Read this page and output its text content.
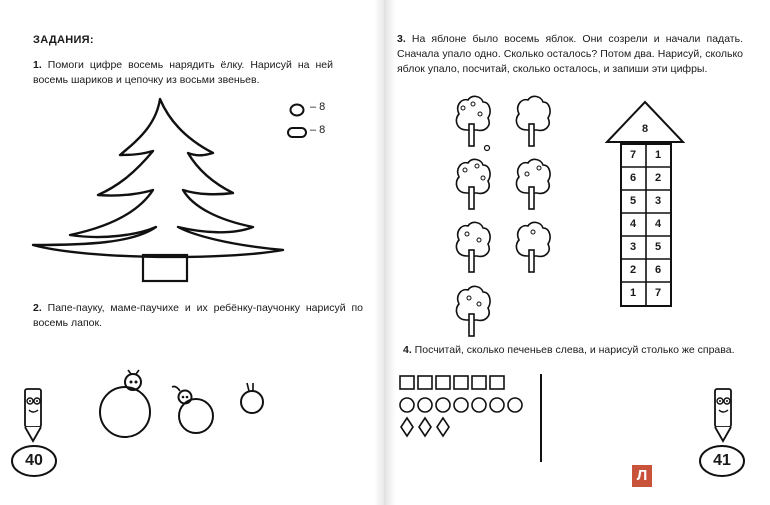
ЗАДАНИЯ:
1. Помоги цифре восемь нарядить ёлку. Нарисуй на ней восемь шариков и цепочку из восьми звеньев.
– 8
– 8
2. Папе-пауку, маме-паучихе и их ребёнку-паучонку нарисуй по восемь лапок.
40
3. На яблоне было восемь яблок. Они созрели и начали падать. Сначала упало одно. Сколько осталось? Потом два. Нарисуй, сколько яблок упало, посчитай, сколько осталось, и запиши эти цифры.
8
7	1
6	2
5	3
4	4
3	5
2	6
1	7
4. Посчитай, сколько печеньев слева, и нарисуй столько же справа.
41
Л
